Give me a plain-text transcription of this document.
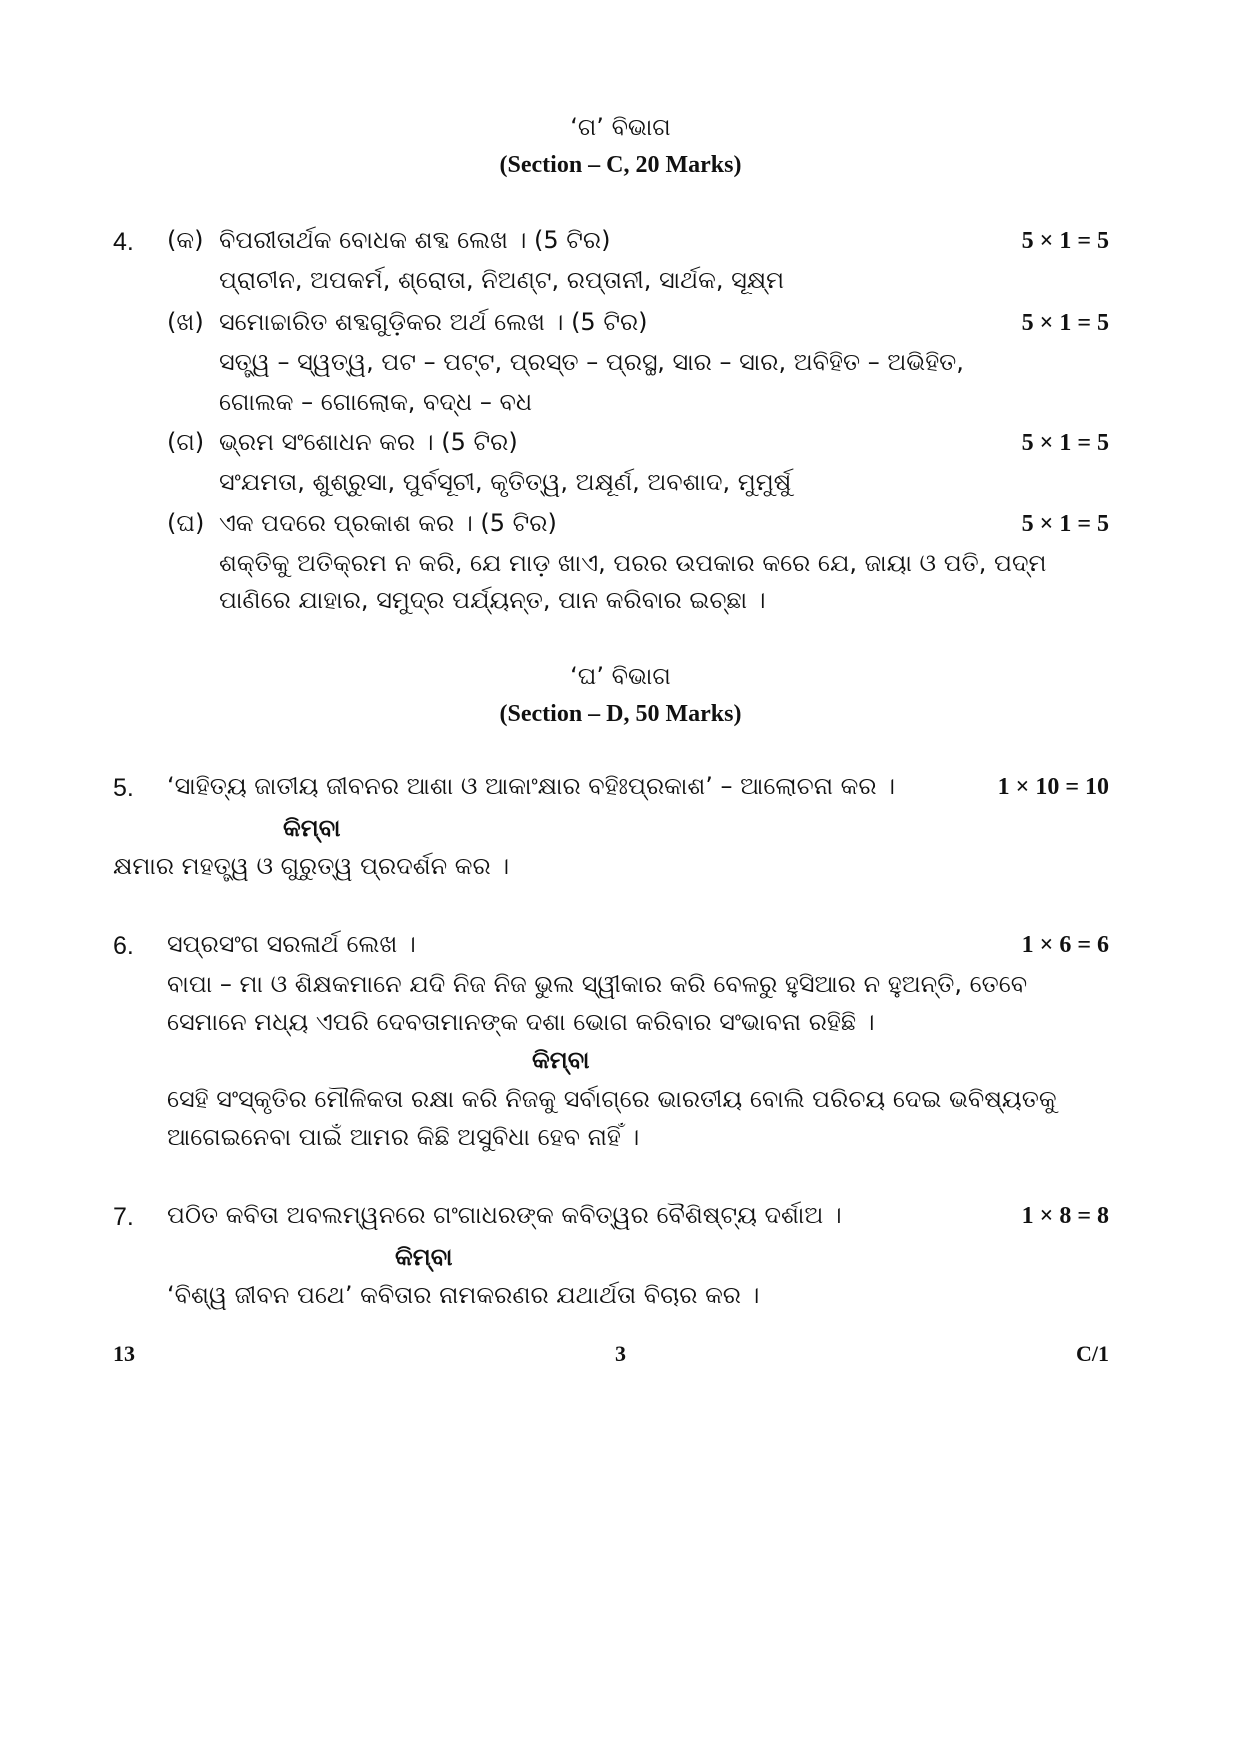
‘ଗ’ ବିଭାଗ
(Section – C, 20 Marks)
4. (କ) ବିପରୀତାର୍ଥକ ବୋଧକ ଶବ୍ଦ ଲେଖ । (5 ଟିର)	5 × 1 = 5
ପ୍ରାଚୀନ, ଅପକର୍ମ, ଶ୍ରୋତା, ନିଅଣ୍ଟ, ରପ୍ତାନୀ, ସାର୍ଥକ, ସୂକ୍ଷ୍ମ
(ଖ) ସମୋଚ୍ଚାରିତ ଶବ୍ଦଗୁଡ଼ିକର ଅର୍ଥ ଲେଖ । (5 ଟିର)	5 × 1 = 5
ସତ୍ତ୍ୱ – ସ୍ୱତ୍ୱ, ପଟ – ପଟ୍ଟ, ପ୍ରସ୍ତ – ପ୍ରସ୍ଥ, ସାର – ସାର, ଅବିହିତ – ଅଭିହିତ,
ଗୋଲକ – ଗୋଲୋକ, ବଦ୍ଧ – ବଧ
(ଗ) ଭ୍ରମ ସଂଶୋଧନ କର । (5 ଟିର)	5 × 1 = 5
ସଂଯମତା, ଶୁଶ୍ରୁସା, ପୁର୍ବସୂଚୀ, କୃତିତ୍ୱ, ଅକ୍ଷୂର୍ଣ, ଅବଶାଦ, ମୁମୁର୍ଷୁ
(ଘ) ଏକ ପଦରେ ପ୍ରକାଶ କର । (5 ଟିର)	5 × 1 = 5
ଶକ୍ତିକୁ ଅତିକ୍ରମ ନ କରି, ଯେ ମାଡ଼ ଖାଏ, ପରର ଉପକାର କରେ ଯେ, ଜାୟା ଓ ପତି, ପଦ୍ମ
ପାଣିରେ ଯାହାର, ସମୁଦ୍ର ପର୍ଯ୍ୟନ୍ତ, ପାନ କରିବାର ଇଚ୍ଛା ।
‘ଘ’ ବିଭାଗ
(Section – D, 50 Marks)
5. ‘ସାହିତ୍ୟ ଜାତୀୟ ଜୀବନର ଆଶା ଓ ଆକାଂକ୍ଷାର ବହିଃପ୍ରକାଶ’ – ଆଲୋଚନା କର ।	1 × 10 = 10
କିମ୍ବା
କ୍ଷମାର ମହତ୍ତ୍ୱ ଓ ଗୁରୁତ୍ୱ ପ୍ରଦର୍ଶନ କର ।
6. ସପ୍ରସଂଗ ସରଳାର୍ଥ ଲେଖ ।	1 × 6 = 6
ବାପା – ମା ଓ ଶିକ୍ଷକମାନେ ଯଦି ନିଜ ନିଜ ଭୁଲ ସ୍ୱୀକାର କରି ବେଳରୁ ହୁସିଆର ନ ହୁଅନ୍ତି, ତେବେ
ସେମାନେ ମଧ୍ୟ ଏପରି ଦେବତାମାନଙ୍କ ଦଶା ଭୋଗ କରିବାର ସଂଭାବନା ରହିଛି ।
କିମ୍ବା
ସେହି ସଂସ୍କୃତିର ମୌଳିକତା ରକ୍ଷା କରି ନିଜକୁ ସର୍ବାଗ୍ରେ ଭାରତୀୟ ବୋଲି ପରିଚୟ ଦେଇ ଭବିଷ୍ୟତକୁ
ଆଗେଇନେବା ପାଇଁ ଆମର କିଛି ଅସୁବିଧା ହେବ ନାହିଁ ।
7. ପଠିତ କବିତା ଅବଲମ୍ୱନରେ ଗଂଗାଧରଙ୍କ କବିତ୍ୱର ବୈଶିଷ୍ଟ୍ୟ ଦର୍ଶାଅ ।	1 × 8 = 8
କିମ୍ବା
‘ବିଶ୍ୱ ଜୀବନ ପଥେ’ କବିତାର ନାମକରଣର ଯଥାର୍ଥତା ବିଚାର କର ।
13	3	C/1
